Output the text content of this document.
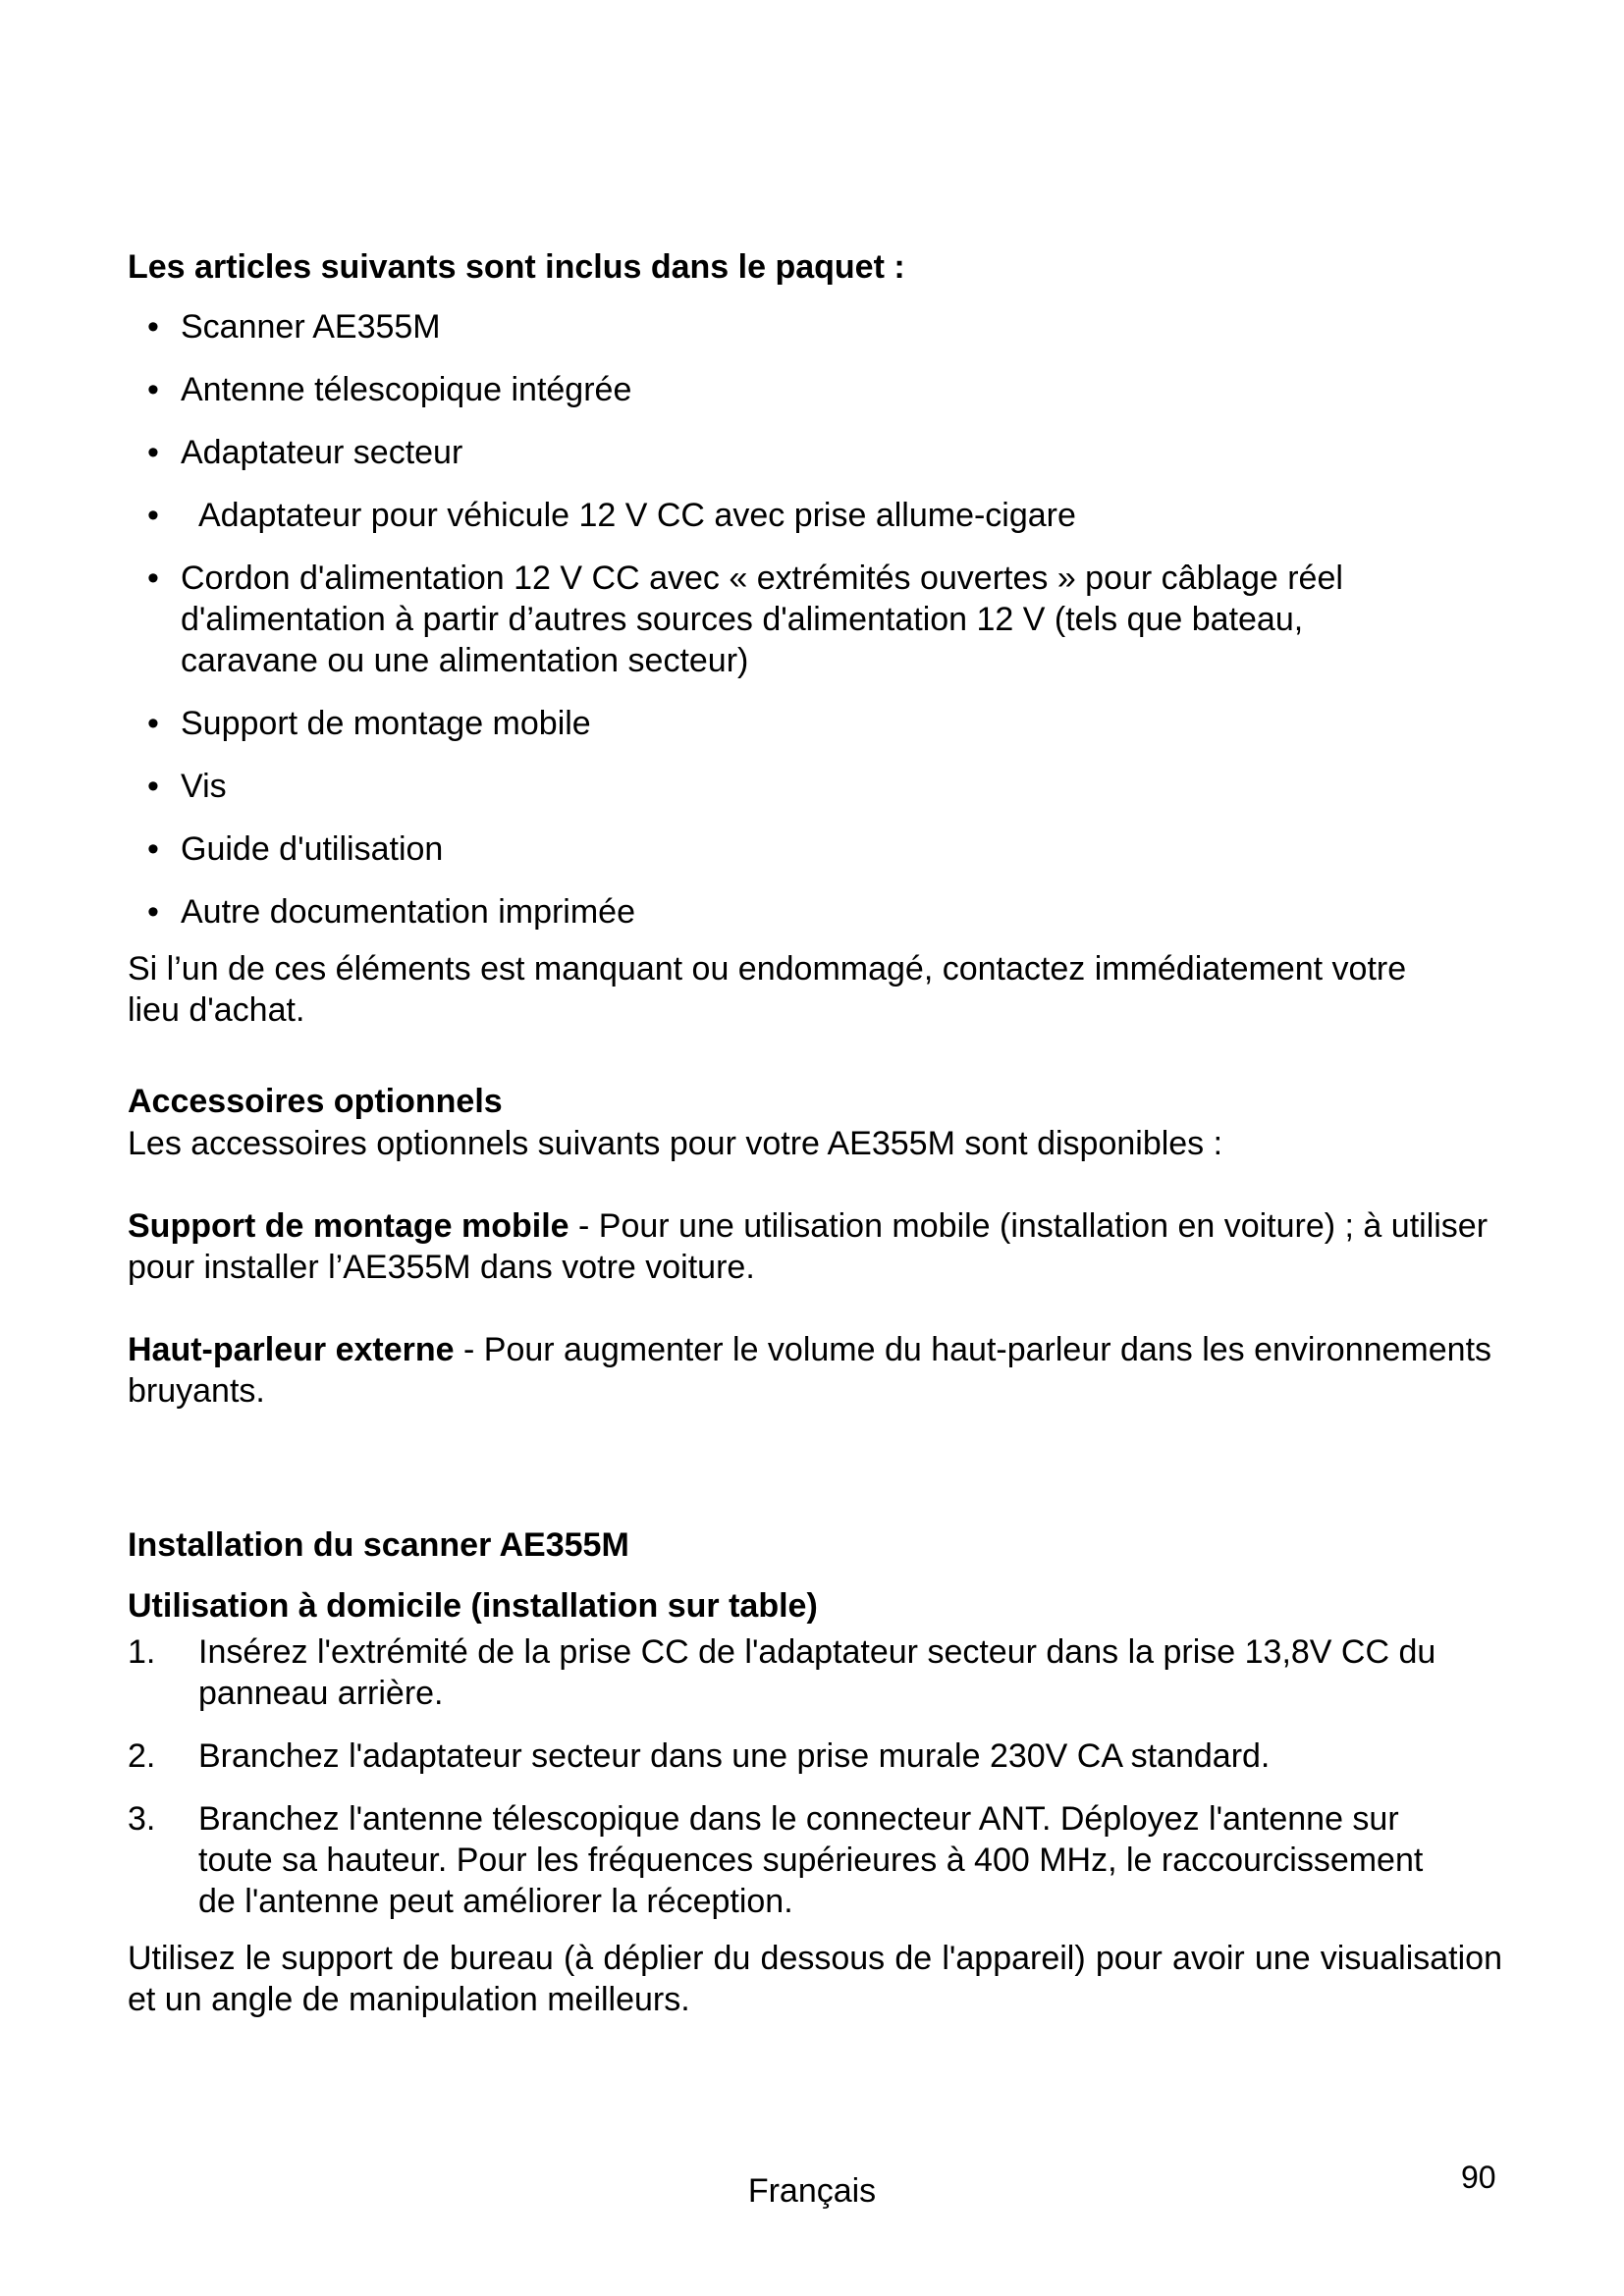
Les articles suivants sont inclus dans le paquet :
• Scanner AE355M
• Antenne télescopique intégrée
• Adaptateur secteur
• Adaptateur pour véhicule 12 V CC avec prise allume-cigare
• Cordon d'alimentation 12 V CC avec « extrémités ouvertes » pour câblage réel d'alimentation à partir d’autres sources d'alimentation 12 V (tels que bateau, caravane ou une alimentation secteur)
• Support de montage mobile
• Vis
• Guide d'utilisation
• Autre documentation imprimée

Si l’un de ces éléments est manquant ou endommagé, contactez immédiatement votre lieu d'achat.

Accessoires optionnels

Les accessoires optionnels suivants pour votre AE355M sont disponibles :

Support de montage mobile - Pour une utilisation mobile (installation en voiture) ; à utiliser pour installer l’AE355M dans votre voiture.

Haut-parleur externe - Pour augmenter le volume du haut-parleur dans les environnements bruyants.

Installation du scanner AE355M
Utilisation à domicile (installation sur table)
1. Insérez l'extrémité de la prise CC de l'adaptateur secteur dans la prise 13,8V CC du panneau arrière.
2. Branchez l'adaptateur secteur dans une prise murale 230V CA standard.
3. Branchez l'antenne télescopique dans le connecteur ANT. Déployez l'antenne sur toute sa hauteur. Pour les fréquences supérieures à 400 MHz, le raccourcissement de l'antenne peut améliorer la réception.

Utilisez le support de bureau (à déplier du dessous de l'appareil) pour avoir une visualisation et un angle de manipulation meilleurs.

Français	90
